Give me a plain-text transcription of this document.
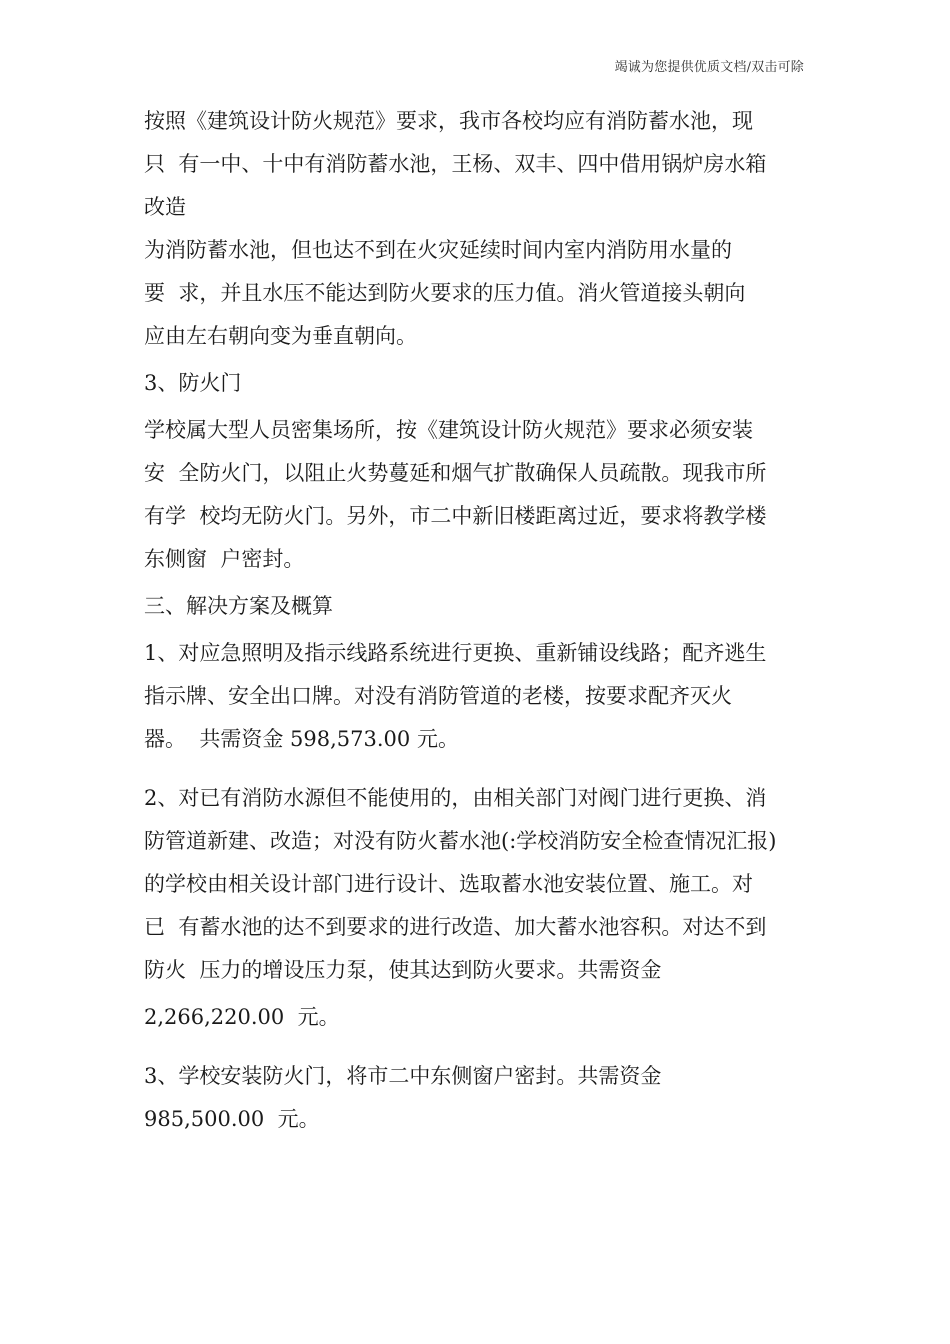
竭诚为您提供优质文档/双击可除

按照《建筑设计防火规范》要求，我市各校均应有消防蓄水池，现

只  有一中、十中有消防蓄水池，王杨、双丰、四中借用锅炉房水箱

改造

为消防蓄水池，但也达不到在火灾延续时间内室内消防用水量的

要  求，并且水压不能达到防火要求的压力值。消火管道接头朝向

应由左右朝向变为垂直朝向。

3、防火门

学校属大型人员密集场所，按《建筑设计防火规范》要求必须安装

安  全防火门，以阻止火势蔓延和烟气扩散确保人员疏散。现我市所

有学  校均无防火门。另外，市二中新旧楼距离过近，要求将教学楼

东侧窗  户密封。

三、解决方案及概算

1、对应急照明及指示线路系统进行更换、重新铺设线路；配齐逃生

指示牌、安全出口牌。对没有消防管道的老楼，按要求配齐灭火

器。  共需资金 598,573.00 元。

2、对已有消防水源但不能使用的，由相关部门对阀门进行更换、消

防管道新建、改造；对没有防火蓄水池(:学校消防安全检查情况汇报)

的学校由相关设计部门进行设计、选取蓄水池安装位置、施工。对

已  有蓄水池的达不到要求的进行改造、加大蓄水池容积。对达不到

防火  压力的增设压力泵，使其达到防火要求。共需资金

2,266,220.00  元。

3、学校安装防火门，将市二中东侧窗户密封。共需资金

985,500.00  元。
